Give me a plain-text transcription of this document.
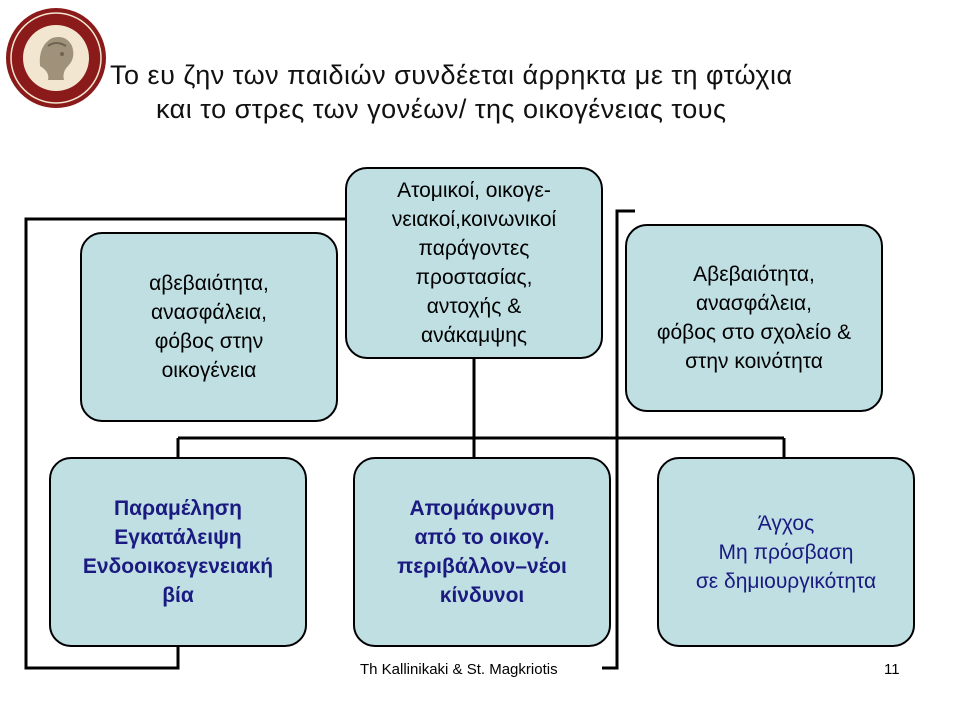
Το ευ ζην των παιδιών συνδέεται άρρηκτα με τη φτώχια
και το στρες των γονέων/ της οικογένειας τους
Ατομικοί, οικογε-
νειακοί,κοινωνικοί
παράγοντες
προστασίας,
αντοχής &
ανάκαμψης
αβεβαιότητα,
ανασφάλεια,
φόβος στην
οικογένεια
Αβεβαιότητα,
ανασφάλεια,
φόβος στο σχολείο &
στην κοινότητα
Παραμέληση
Εγκατάλειψη
Ενδοοικοεγενειακή
βία
Απομάκρυνση
από το οικογ.
περιβάλλον–νέοι
κίνδυνοι
Άγχος
Μη πρόσβαση
σε δημιουργικότητα
Th Kallinikaki & St. Magkriotis	11
